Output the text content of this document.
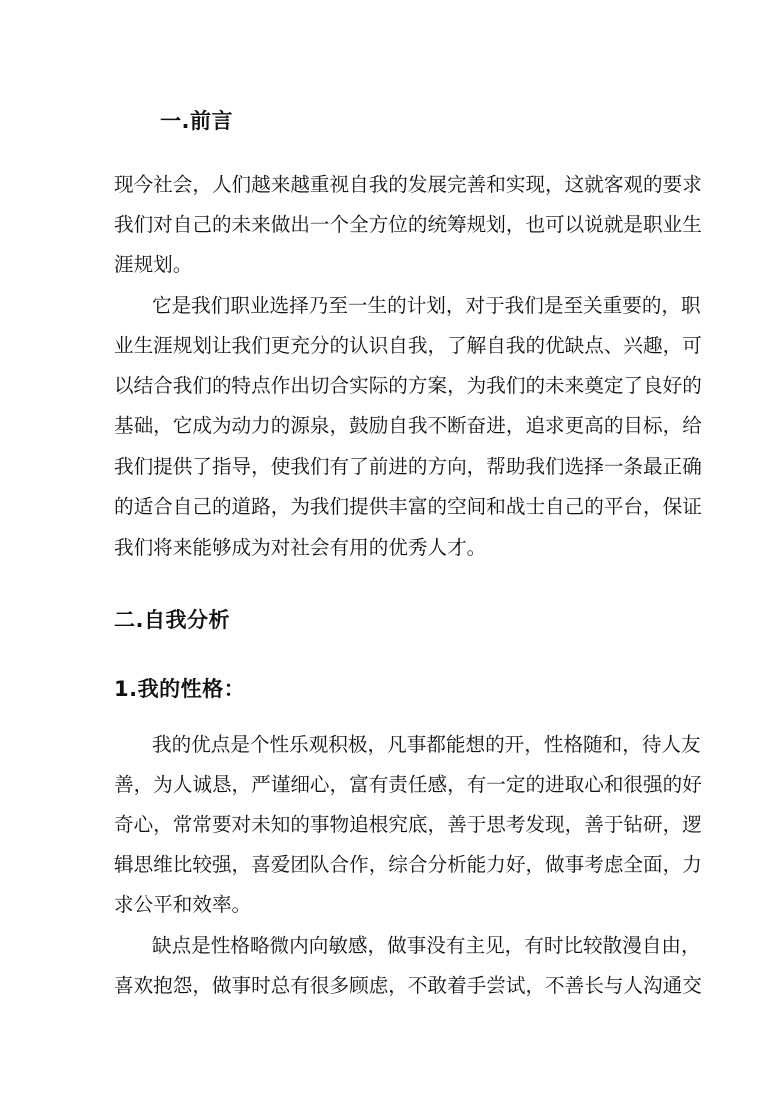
一.前言

现今社会，人们越来越重视自我的发展完善和实现，这就客观的要求

我们对自己的未来做出一个全方位的统筹规划，也可以说就是职业生

涯规划。

它是我们职业选择乃至一生的计划，对于我们是至关重要的，职

业生涯规划让我们更充分的认识自我，了解自我的优缺点、兴趣，可

以结合我们的特点作出切合实际的方案，为我们的未来奠定了良好的

基础，它成为动力的源泉，鼓励自我不断奋进，追求更高的目标，给

我们提供了指导，使我们有了前进的方向，帮助我们选择一条最正确

的适合自己的道路，为我们提供丰富的空间和战士自己的平台，保证

我们将来能够成为对社会有用的优秀人才。

二.自我分析
1.我的性格：

我的优点是个性乐观积极，凡事都能想的开，性格随和，待人友

善，为人诚恳，严谨细心，富有责任感，有一定的进取心和很强的好

奇心，常常要对未知的事物追根究底，善于思考发现，善于钻研，逻

辑思维比较强，喜爱团队合作，综合分析能力好，做事考虑全面，力

求公平和效率。

缺点是性格略微内向敏感，做事没有主见，有时比较散漫自由，

喜欢抱怨，做事时总有很多顾虑，不敢着手尝试，不善长与人沟通交
